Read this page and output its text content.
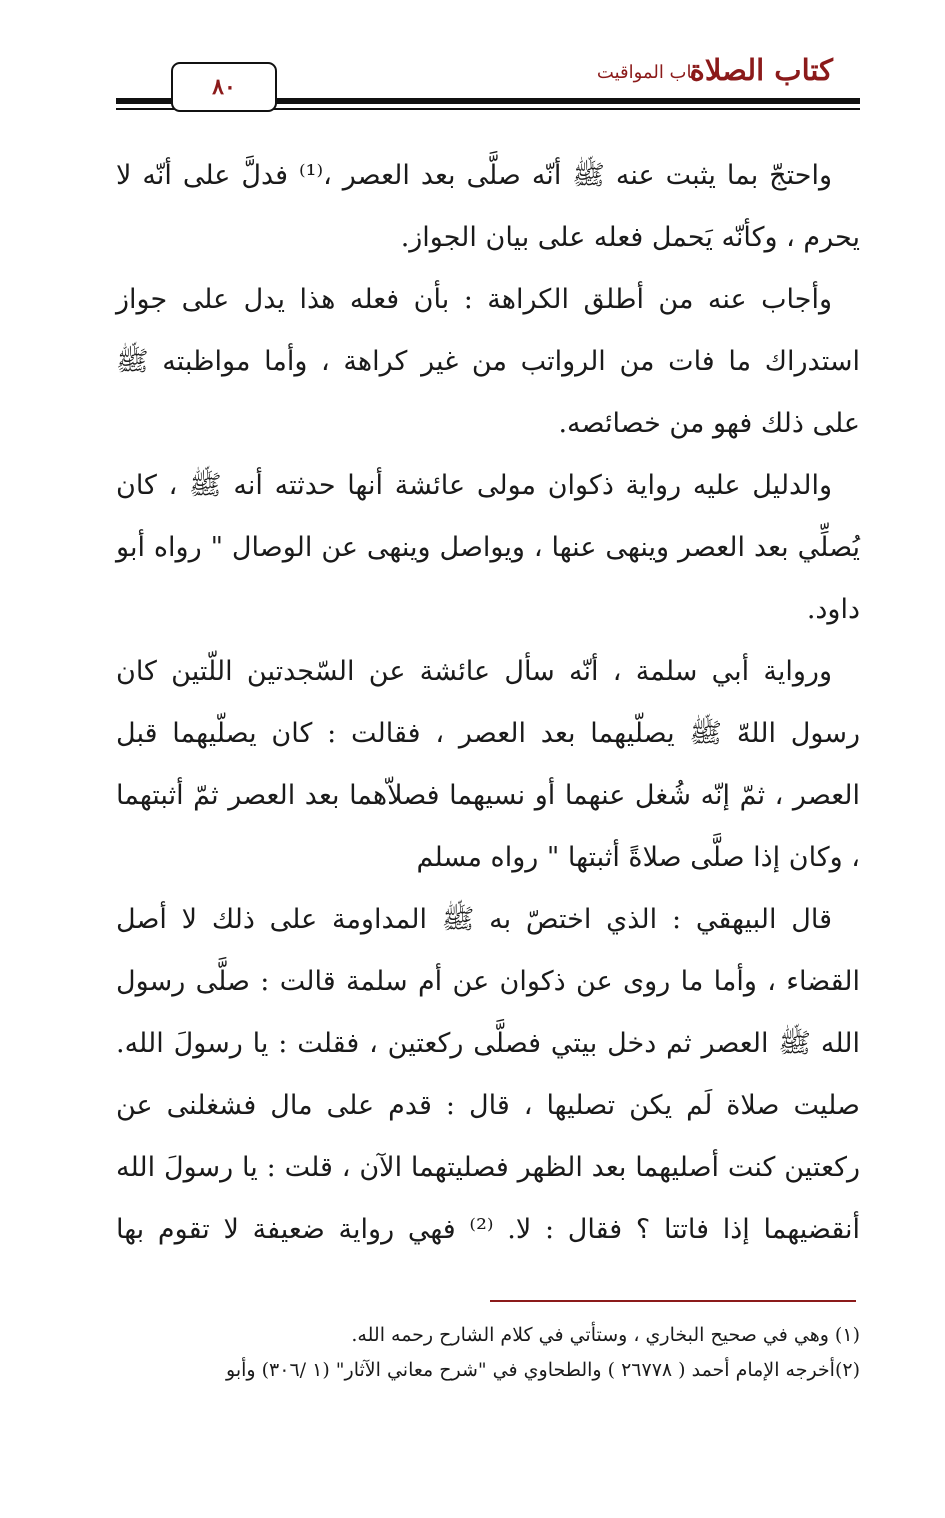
كتاب الصلاة
باب المواقيت
٨٠

واحتجّ بما يثبت عنه ﷺ أنّه صلَّى بعد العصر ،⁽¹⁾ فدلَّ على أنّه لا يحرم ، وكأنّه يَحمل فعله على بيان الجواز.

وأجاب عنه من أطلق الكراهة : بأن فعله هذا يدل على جواز استدراك ما فات من الرواتب من غير كراهة ، وأما مواظبته ﷺ على ذلك فهو من خصائصه.

والدليل عليه رواية ذكوان مولى عائشة أنها حدثته أنه ﷺ ، كان يُصلِّي بعد العصر وينهى عنها ، ويواصل وينهى عن الوصال " رواه أبو داود.

ورواية أبي سلمة ، أنّه سأل عائشة عن السّجدتين اللّتين كان رسول اللهّ ﷺ يصلّيهما بعد العصر ، فقالت : كان يصلّيهما قبل العصر ، ثمّ إنّه شُغل عنهما أو نسيهما فصلاّهما بعد العصر ثمّ أثبتهما ، وكان إذا صلَّى صلاةً أثبتها " رواه مسلم

قال البيهقي : الذي اختصّ به ﷺ المداومة على ذلك لا أصل القضاء ، وأما ما روى عن ذكوان عن أم سلمة قالت : صلَّى رسول الله ﷺ العصر ثم دخل بيتي فصلَّى ركعتين ، فقلت : يا رسولَ الله. صليت صلاة لَم يكن تصليها ، قال : قدم على مال فشغلنى عن ركعتين كنت أصليهما بعد الظهر فصليتهما الآن ، قلت : يا رسولَ الله أنقضيهما إذا فاتتا ؟ فقال : لا. ⁽²⁾ فهي رواية ضعيفة لا تقوم بها

(١) وهي في صحيح البخاري ، وستأتي في كلام الشارح رحمه الله.

(٢)أخرجه الإمام أحمد ( ٢٦٧٧٨ ) والطحاوي في "شرح معاني الآثار" (١ /٣٠٦) وأبو
